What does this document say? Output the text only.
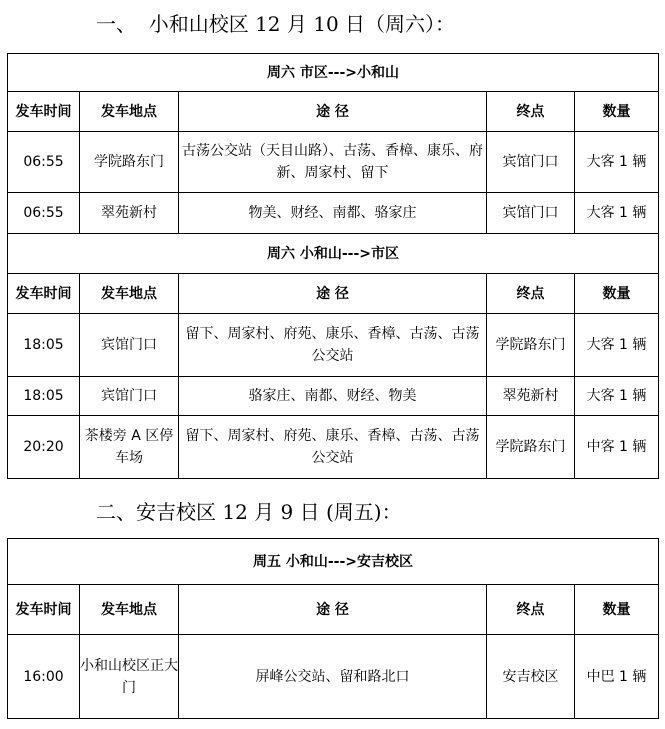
一、  小和山校区 12 月 10 日（周六）：
周六 市区--->小和山				
发车时间	发车地点	途 径	终点	数量
06:55	学院路东门	古荡公交站（天目山路）、古荡、香樟、康乐、府新、周家村、留下	宾馆门口	大客 1 辆
06:55	翠苑新村	物美、财经、南都、骆家庄	宾馆门口	大客 1 辆
周六 小和山--->市区				
发车时间	发车地点	途 径	终点	数量
18:05	宾馆门口	留下、周家村、府苑、康乐、香樟、古荡、古荡公交站	学院路东门	大客 1 辆
18:05	宾馆门口	骆家庄、南都、财经、物美	翠苑新村	大客 1 辆
20:20	茶楼旁 A 区停车场	留下、周家村、府苑、康乐、香樟、古荡、古荡公交站	学院路东门	中客 1 辆
二、安吉校区 12 月 9 日 (周五)：
周五 小和山--->安吉校区				
发车时间	发车地点	途 径	终点	数量
16:00	小和山校区正大门	屏峰公交站、留和路北口	安吉校区	中巴 1 辆
